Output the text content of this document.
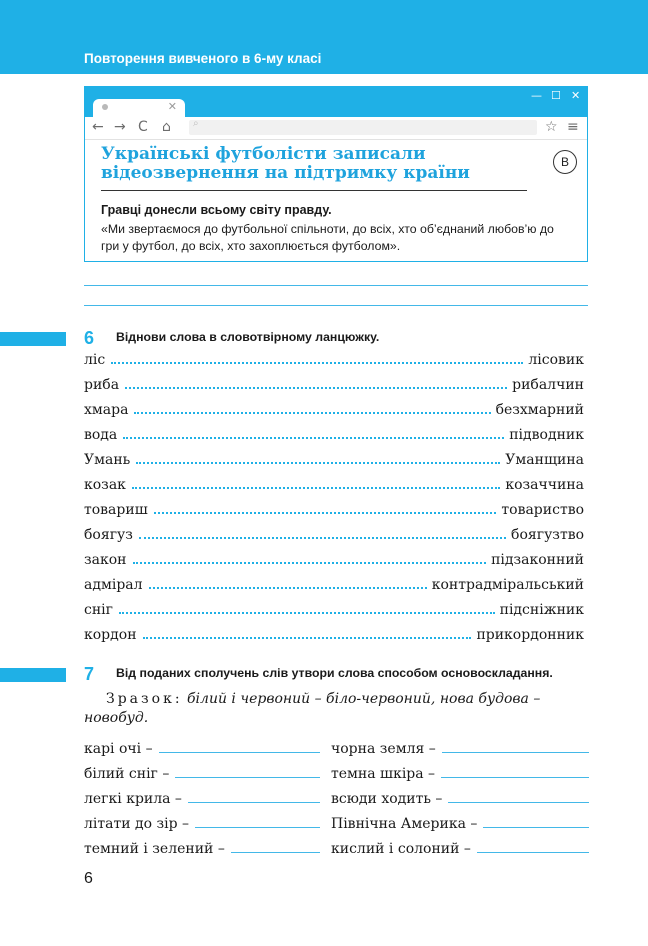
Повторення вивченого в 6-му класі
✕
— ☐ ✕
← → C ⌂ ⌕	☆ ≡
Українські футболісти записали відеозвернення на підтримку країни
В
Гравці донесли всьому світу правду.
«Ми звертаємося до футбольної спільноти, до всіх, хто об’єднаний любов’ю до гри у футбол, до всіх, хто захоплюється футболом».
6 Віднови слова в словотвірному ланцюжку.
ліс	лісовик
риба	рибалчин
хмара	безхмарний
вода	підводник
Умань	Уманщина
козак	козаччина
товариш	товариство
боягуз	боягузтво
закон	підзаконний
адмірал	контрадміральський
сніг	підсніжник
кордон	прикордонник
7 Від поданих сполучень слів утвори слова способом основоскладання.
Зразок: білий і червоний – біло-червоний, нова будова – новобуд.
карі очі –	чорна земля –
білий сніг –	темна шкіра –
легкі крила –	всюди ходить –
літати до зір –	Північна Америка –
темний і зелений –	кислий і солоний –
6
